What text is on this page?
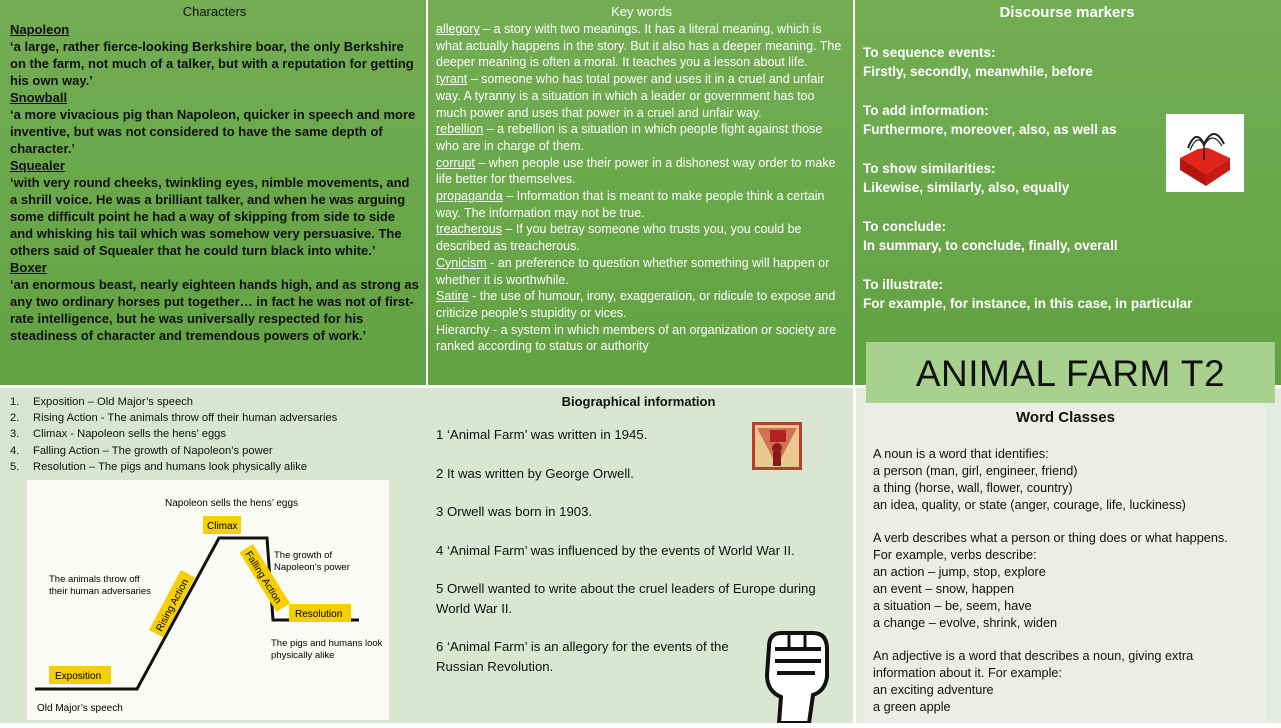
Characters
Napoleon
‘a large, rather fierce-looking Berkshire boar, the only Berkshire on the farm, not much of a talker, but with a reputation for getting his own way.’
Snowball
‘a more vivacious pig than Napoleon, quicker in speech and more inventive, but was not considered to have the same depth of character.’
Squealer
‘with very round cheeks, twinkling eyes, nimble movements, and a shrill voice. He was a brilliant talker, and when he was arguing some difficult point he had a way of skipping from side to side and whisking his tail which was somehow very persuasive. The others said of Squealer that he could turn black into white.’
Boxer
‘an enormous beast, nearly eighteen hands high, and as strong as any two ordinary horses put together… in fact he was not of first-rate intelligence, but he was universally respected for his steadiness of character and tremendous powers of work.’
Key words
allegory – a story with two meanings. It has a literal meaning, which is what actually happens in the story. But it also has a deeper meaning. The deeper meaning is often a moral. It teaches you a lesson about life.
tyrant – someone who has total power and uses it in a cruel and unfair way. A tyranny is a situation in which a leader or government has too much power and uses that power in a cruel and unfair way.
rebellion – a rebellion is a situation in which people fight against those who are in charge of them.
corrupt – when people use their power in a dishonest way order to make life better for themselves.
propaganda – Information that is meant to make people think a certain way. The information may not be true.
treacherous – If you betray someone who trusts you, you could be described as treacherous.
Cynicism - an preference to question whether something will happen or whether it is worthwhile.
Satire - the use of humour, irony, exaggeration, or ridicule to expose and criticize people's stupidity or vices.
Hierarchy - a system in which members of an organization or society are ranked according to status or authority
Discourse markers
To sequence events:
Firstly, secondly, meanwhile, before
To add information:
Furthermore, moreover, also, as well as
To show similarities:
Likewise, similarly, also, equally
To conclude:
In summary, to conclude, finally, overall
To illustrate:
For example, for instance, in this case, in particular
1.	Exposition – Old Major’s speech
2.	Rising Action - The animals throw off their human adversaries
3.	Climax - Napoleon sells the hens’ eggs
4.	Falling Action – The growth of Napoleon’s power
5.	Resolution – The pigs and humans look physically alike
Napoleon sells the hens’ eggs
Climax
Rising Action	Falling Action
The animals throw off
their human adversaries
The growth of
Napoleon’s power
Resolution
The pigs and humans look
physically alike
Exposition
Old Major’s speech
Biographical information
1 ‘Animal Farm’ was written in 1945.
2 It was written by George Orwell.
3 Orwell was born in 1903.
4 ‘Animal Farm’ was influenced by the events of World War II.
5 Orwell wanted to write about the cruel leaders of Europe during World War II.
6 ‘Animal Farm’ is an allegory for the events of the Russian Revolution.
ANIMAL FARM T2
Word Classes
A noun is a word that identifies:
a person (man, girl, engineer, friend)
a thing (horse, wall, flower, country)
an idea, quality, or state (anger, courage, life, luckiness)
A verb describes what a person or thing does or what happens.
For example, verbs describe:
an action – jump, stop, explore
an event – snow, happen
a situation – be, seem, have
a change – evolve, shrink, widen
An adjective is a word that describes a noun, giving extra information about it. For example:
an exciting adventure
a green apple
